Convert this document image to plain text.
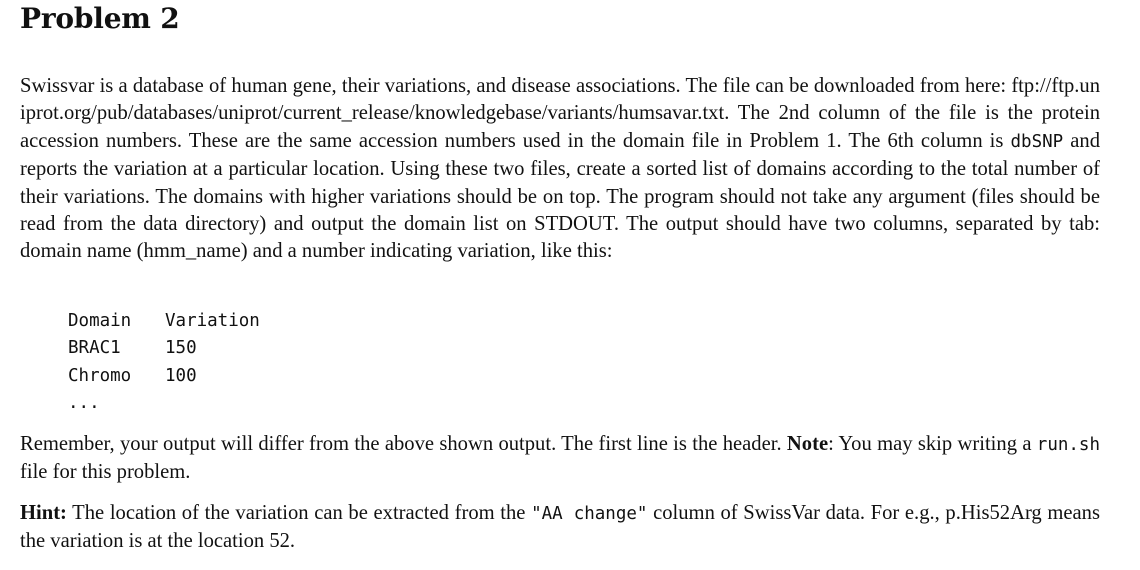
Problem 2
Swissvar is a database of human gene, their variations, and disease associations. The file can be downloaded from here: ftp://ftp.uniprot.org/pub/databases/uniprot/current_release/knowledgebase/variants/humsavar.txt. The 2nd column of the file is the protein accession numbers. These are the same accession numbers used in the domain file in Problem 1. The 6th column is dbSNP and reports the variation at a particular location. Using these two files, create a sorted list of domains according to the total number of their variations. The domains with higher variations should be on top. The program should not take any argument (files should be read from the data directory) and output the domain list on STDOUT. The output should have two columns, separated by tab: domain name (hmm_name) and a number indicating variation, like this:
Domain	Variation
BRAC1	150
Chromo	100
...
Remember, your output will differ from the above shown output. The first line is the header. Note: You may skip writing a run.sh file for this problem.
Hint: The location of the variation can be extracted from the "AA change" column of SwissVar data. For e.g., p.His52Arg means the variation is at the location 52.
